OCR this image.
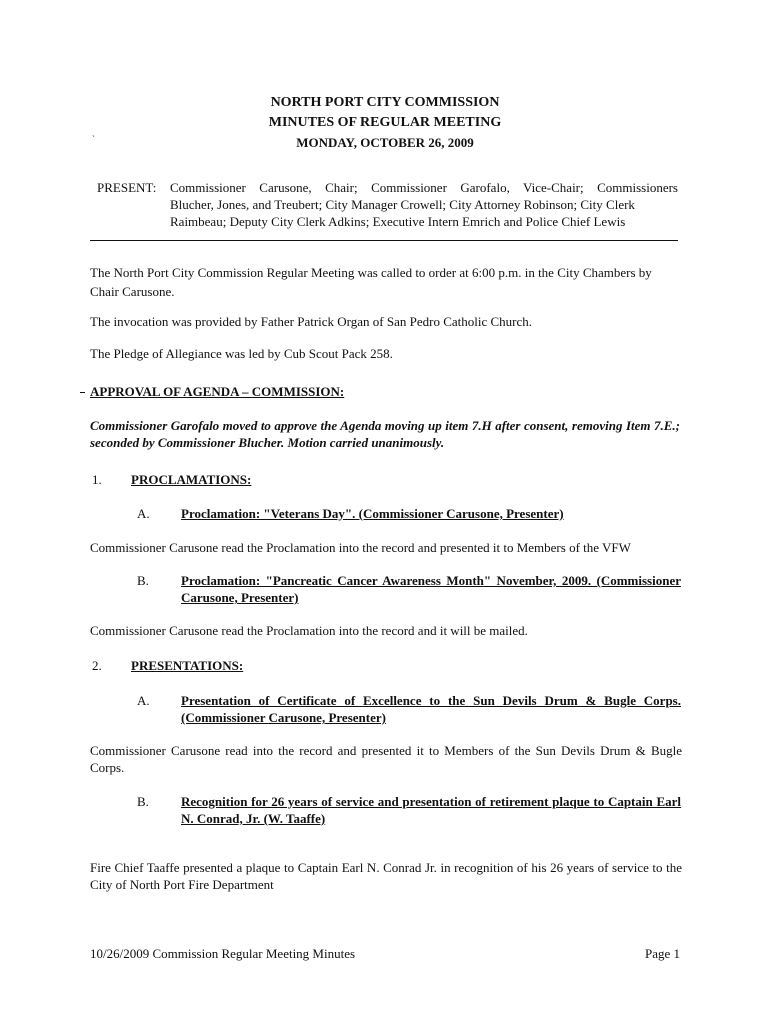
NORTH PORT CITY COMMISSION
MINUTES OF REGULAR MEETING
`	MONDAY, OCTOBER 26, 2009
PRESENT: Commissioner Carusone, Chair; Commissioner Garofalo, Vice-Chair; Commissioners
Blucher, Jones, and Treubert; City Manager Crowell; City Attorney Robinson; City Clerk
Raimbeau; Deputy City Clerk Adkins; Executive Intern Emrich and Police Chief Lewis
The North Port City Commission Regular Meeting was called to order at 6:00 p.m. in the City Chambers by Chair Carusone.
The invocation was provided by Father Patrick Organ of San Pedro Catholic Church.
The Pledge of Allegiance was led by Cub Scout Pack 258.
APPROVAL OF AGENDA – COMMISSION:
Commissioner Garofalo moved to approve the Agenda moving up item 7.H after consent, removing Item 7.E.; seconded by Commissioner Blucher. Motion carried unanimously.
1. PROCLAMATIONS:
A. Proclamation: "Veterans Day". (Commissioner Carusone, Presenter)
Commissioner Carusone read the Proclamation into the record and presented it to Members of the VFW
B. Proclamation: "Pancreatic Cancer Awareness Month" November, 2009. (Commissioner Carusone, Presenter)
Commissioner Carusone read the Proclamation into the record and it will be mailed.
2. PRESENTATIONS:
A. Presentation of Certificate of Excellence to the Sun Devils Drum & Bugle Corps. (Commissioner Carusone, Presenter)
Commissioner Carusone read into the record and presented it to Members of the Sun Devils Drum & Bugle Corps.
B. Recognition for 26 years of service and presentation of retirement plaque to Captain Earl N. Conrad, Jr. (W. Taaffe)
Fire Chief Taaffe presented a plaque to Captain Earl N. Conrad Jr. in recognition of his 26 years of service to the City of North Port Fire Department
10/26/2009 Commission Regular Meeting Minutes	Page 1
